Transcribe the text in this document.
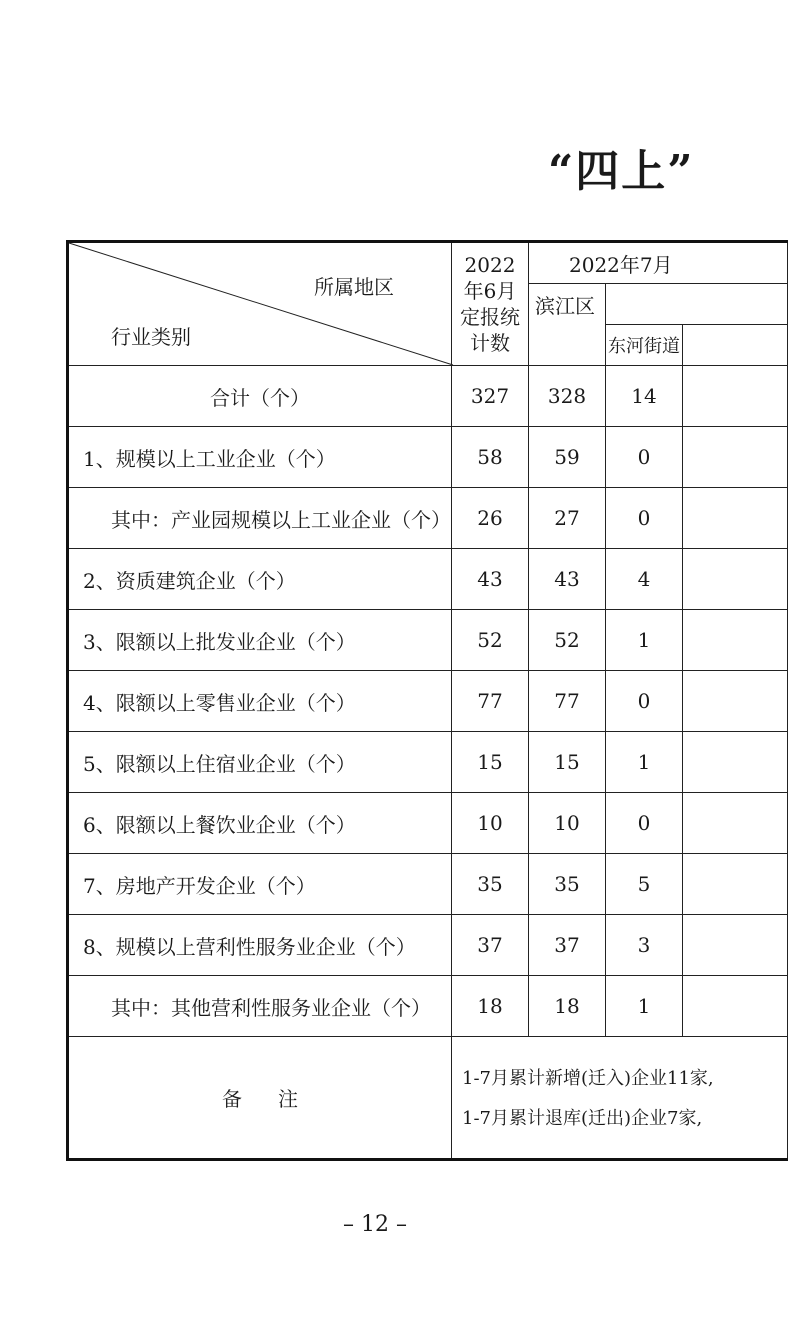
“四上”
所属地区
行业类别	2022年6月定报统计数	2022年7月		
		滨江区		
			东河街道	
合计（个）	327	328	14	
1、规模以上工业企业（个）	58	59	0	
其中：产业园规模以上工业企业（个）	26	27	0	
2、资质建筑企业（个）	43	43	4	
3、限额以上批发业企业（个）	52	52	1	
4、限额以上零售业企业（个）	77	77	0	
5、限额以上住宿业企业（个）	15	15	1	
6、限额以上餐饮业企业（个）	10	10	0	
7、房地产开发企业（个）	35	35	5	
8、规模以上营利性服务业企业（个）	37	37	3	
其中：其他营利性服务业企业（个）	18	18	1	
备注	1-7月累计新增(迁入)企业11家,
1-7月累计退库(迁出)企业7家,			
– 12 –
